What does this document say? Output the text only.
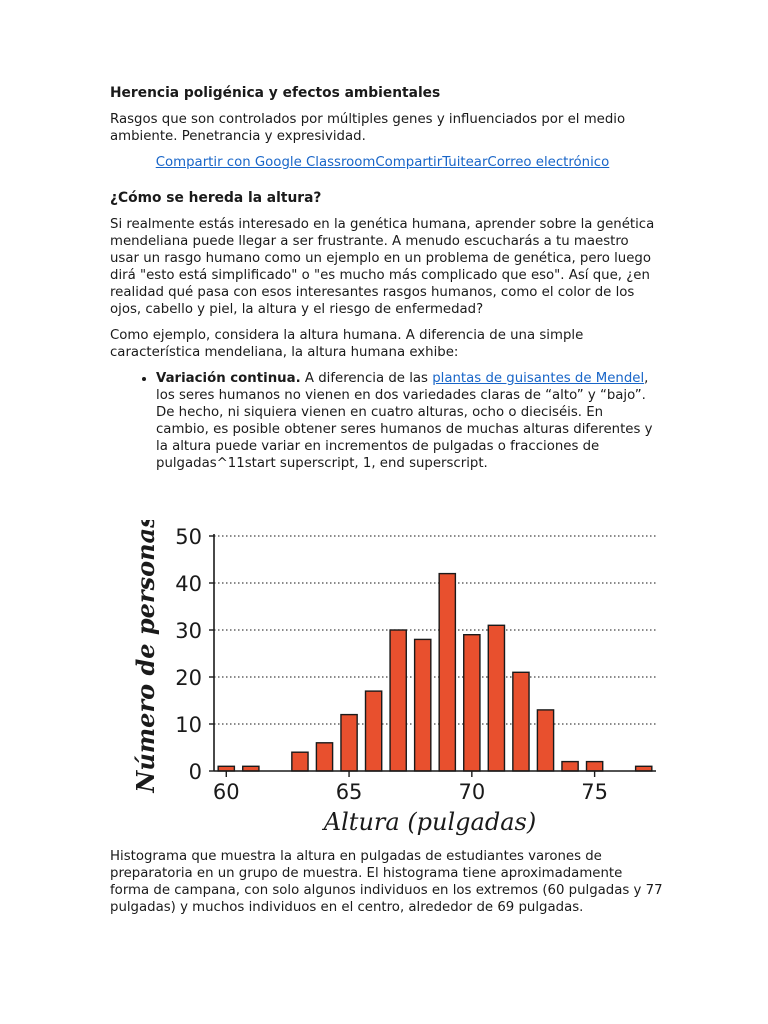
Herencia poligénica y efectos ambientales

Rasgos que son controlados por múltiples genes y influenciados por el medio ambiente. Penetrancia y expresividad.

Compartir con Google ClassroomCompartirTuitearCorreo electrónico
¿Cómo se hereda la altura?

Si realmente estás interesado en la genética humana, aprender sobre la genética mendeliana puede llegar a ser frustrante. A menudo escucharás a tu maestro usar un rasgo humano como un ejemplo en un problema de genética, pero luego dirá "esto está simplificado" o "es mucho más complicado que eso". Así que, ¿en realidad qué pasa con esos interesantes rasgos humanos, como el color de los ojos, cabello y piel, la altura y el riesgo de enfermedad?

Como ejemplo, considera la altura humana. A diferencia de una simple característica mendeliana, la altura humana exhibe:

• Variación continua. A diferencia de las plantas de guisantes de Mendel, los seres humanos no vienen en dos variedades claras de “alto” y “bajo”. De hecho, ni siquiera vienen en cuatro alturas, ocho o dieciséis. En cambio, es posible obtener seres humanos de muchas alturas diferentes y la altura puede variar en incrementos de pulgadas o fracciones de pulgadas^11start superscript, 1, end superscript.
0
10
20
30
40
50
60	65	70	75
Altura (pulgadas)
Número de personas

Histograma que muestra la altura en pulgadas de estudiantes varones de preparatoria en un grupo de muestra. El histograma tiene aproximadamente forma de campana, con solo algunos individuos en los extremos (60 pulgadas y 77 pulgadas) y muchos individuos en el centro, alrededor de 69 pulgadas.
